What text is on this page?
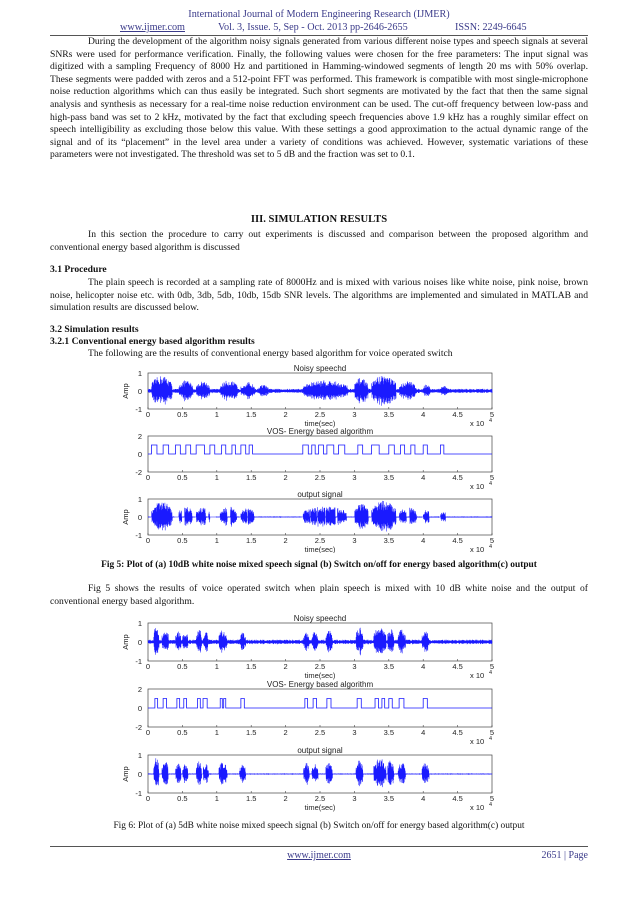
International Journal of Modern Engineering Research (IJMER)
www.ijmer.com	Vol. 3, Issue. 5, Sep - Oct. 2013 pp-2646-2655	ISSN: 2249-6645
During the development of the algorithm noisy signals generated from various different noise types and speech signals at several SNRs were used for performance verification. Finally, the following values were chosen for the free parameters: The input signal was digitized with a sampling Frequency of 8000 Hz and partitioned in Hamming-windowed segments of length 20 ms with 50% overlap. These segments were padded with zeros and a 512-point FFT was performed. This framework is compatible with most single-microphone noise reduction algorithms which can thus easily be integrated. Such short segments are motivated by the fact that then the same signal analysis and synthesis as necessary for a real-time noise reduction environment can be used. The cut-off frequency between low-pass and high-pass band was set to 2 kHz, motivated by the fact that excluding speech frequencies above 1.9 kHz has a roughly similar effect on speech intelligibility as excluding those below this value. With these settings a good approximation to the actual dynamic range of the signal and of its “placement” in the level area under a variety of conditions was achieved. However, systematic variations of these parameters were not investigated. The threshold was set to 5 dB and the fraction was set to 0.1.
III. SIMULATION RESULTS
In this section the procedure to carry out experiments is discussed and comparison between the proposed algorithm and conventional energy based algorithm is discussed
3.1 Procedure
The plain speech is recorded at a sampling rate of 8000Hz and is mixed with various noises like white noise, pink noise, brown noise, helicopter noise etc. with 0db, 3db, 5db, 10db, 15db SNR levels. The algorithms are implemented and simulated in MATLAB and simulation results are discussed below.
3.2 Simulation results
3.2.1 Conventional energy based algorithm results
The following are the results of conventional energy based algorithm for voice operated switch
Noisy speechd
1
0
-1
Amp
0	0.5	1	1.5	2	2.5	3	3.5	4	4.5	5
x 10 4
time(sec)
VOS- Energy based algorithm
2
0
-2
0	0.5	1	1.5	2	2.5	3	3.5	4	4.5	5
x 10 4
output signal
1
0
-1
Amp
0	0.5	1	1.5	2	2.5	3	3.5	4	4.5	5
x 10 4
time(sec)
Fig 5: Plot of (a) 10dB white noise mixed speech signal (b) Switch on/off for energy based algorithm(c) output
Fig 5 shows the results of voice operated switch when plain speech is mixed with 10 dB white noise and the output of conventional energy based algorithm.
Noisy speechd
1
0
-1
Amp
0	0.5	1	1.5	2	2.5	3	3.5	4	4.5	5
x 10 4
time(sec)
VOS- Energy based algorithm
2
0
-2
0	0.5	1	1.5	2	2.5	3	3.5	4	4.5	5
x 10 4
output signal
1
0
-1
Amp
0	0.5	1	1.5	2	2.5	3	3.5	4	4.5	5
x 10 4
time(sec)
Fig 6: Plot of (a) 5dB white noise mixed speech signal (b) Switch on/off for energy based algorithm(c) output
www.ijmer.com	2651 | Page
